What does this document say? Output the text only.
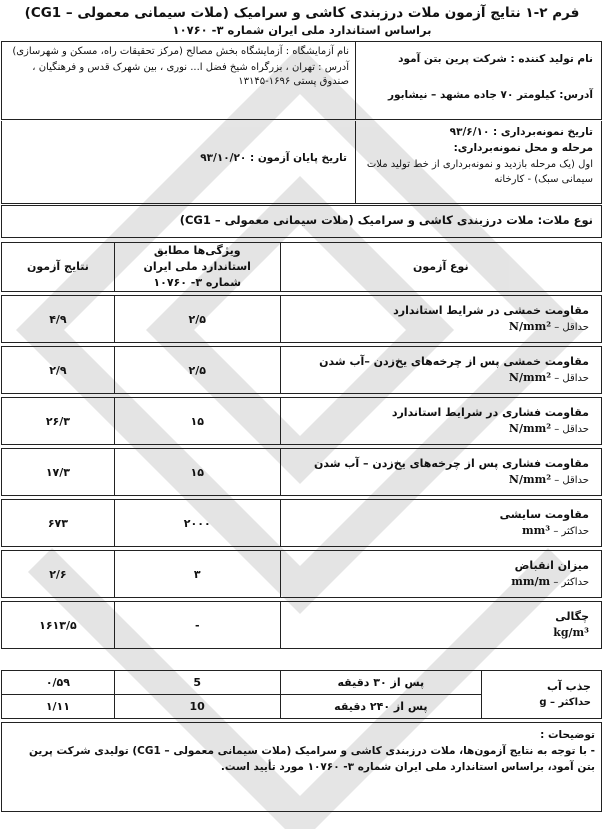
فرم ۲-۱ نتایج آزمون ملات درزبندی کاشی و سرامیک (ملات سیمانی معمولی – CG1)
براساس استاندارد ملی ایران شماره ۳- ۱۰۷۶۰
نام تولید کننده : شرکت پرین بتن آمود
آدرس: کیلومتر ۷۰ جاده مشهد – نیشابور
نام آزمایشگاه : آزمایشگاه بخش مصالح (مرکز تحقیقات راه، مسکن و شهرسازی)
آدرس : تهران ، بزرگراه شیخ فضل ا... نوری ، بین شهرک قدس و فرهنگیان ، صندوق پستی ۱۶۹۶-۱۳۱۴۵
تاریخ نمونه‌برداری : ۹۳/۶/۱۰
مرحله و محل نمونه‌برداری:
اول (یک مرحله بازدید و نمونه‌برداری از خط تولید ملات سیمانی سبک) - کارخانه
تاریخ پایان آزمون : ۹۳/۱۰/۲۰
نوع ملات: ملات درزبندی کاشی و سرامیک (ملات سیمانی معمولی – CG1)
نوع آزمون	ویژگی‌ها مطابق استاندارد ملی ایران شماره ۳- ۱۰۷۶۰	نتایج آزمون

مقاومت خمشی در شرایط استاندارد
حداقل – N/mm²	۲/۵	۴/۹

مقاومت خمشی پس از چرخه‌های یخ‌زدن –آب شدن
حداقل – N/mm²	۲/۵	۲/۹

مقاومت فشاری در شرایط استاندارد
حداقل – N/mm²	۱۵	۲۶/۳

مقاومت فشاری پس از چرخه‌های یخ‌زدن – آب شدن
حداقل – N/mm²	۱۵	۱۷/۳

مقاومت سایشی
حداکثر – mm³	۲۰۰۰	۶۷۳

میزان انقباض
حداکثر – mm/m	۳	۲/۶

چگالی
kg/m³	-	۱۶۱۳/۵

جذب آب
حداکثر – g	پس از ۳۰ دقیقه	5	۰/۵۹
	پس از ۲۴۰ دقیقه	10	۱/۱۱
توضیحات :
- با توجه به نتایج آزمون‌ها، ملات درزبندی کاشی و سرامیک (ملات سیمانی معمولی – CG1) تولیدی شرکت پرین بتن آمود، براساس استاندارد ملی ایران شماره ۳- ۱۰۷۶۰ مورد تأیید است.
